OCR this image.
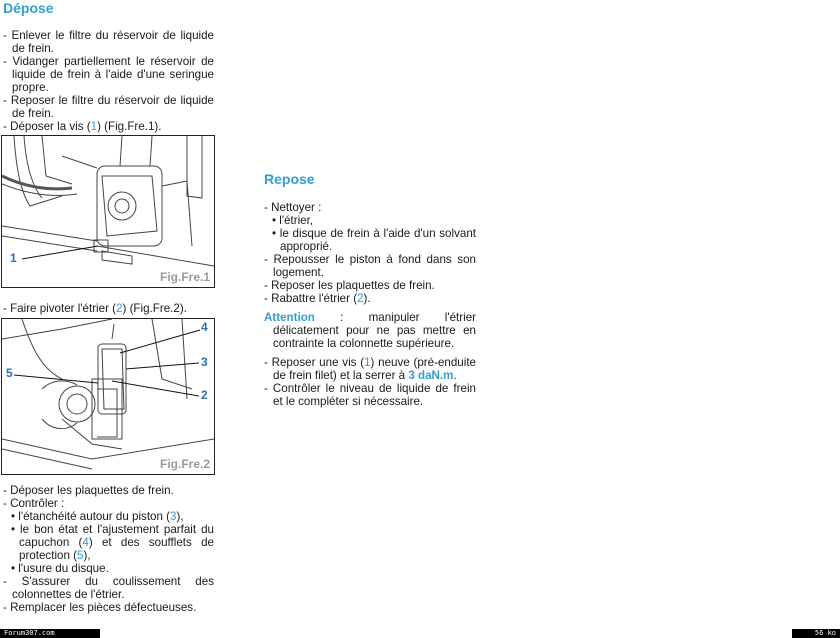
Dépose

- Enlever le filtre du réservoir de liquide de frein.

- Vidanger partiellement le réservoir de liquide de frein à l'aide d'une seringue propre.

- Reposer le filtre du réservoir de liquide de frein.

- Déposer la vis (1) (Fig.Fre.1).

1
Fig.Fre.1

- Faire pivoter l'étrier (2) (Fig.Fre.2).

4
5
3
2
Fig.Fre.2

- Déposer les plaquettes de frein.

- Contrôler :

• l'étanchéité autour du piston (3),

• le bon état et l'ajustement parfait du capuchon (4) et des soufflets de protection (5),

• l'usure du disque.

- S'assurer du coulissement des colonnettes de l'étrier.

- Remplacer les pièces défectueuses.

Repose

- Nettoyer :

• l'étrier,

• le disque de frein à l'aide d'un solvant approprié.

- Repousser le piston à fond dans son logement.

- Reposer les plaquettes de frein.

- Rabattre l'étrier (2).

Attention : manipuler l'étrier délicatement pour ne pas mettre en contrainte la colonnette supérieure.

- Reposer une vis (1) neuve (pré-enduite de frein filet) et la serrer à 3 daN.m.

- Contrôler le niveau de liquide de frein et le compléter si nécessaire.

Forum307.com	56 ko
